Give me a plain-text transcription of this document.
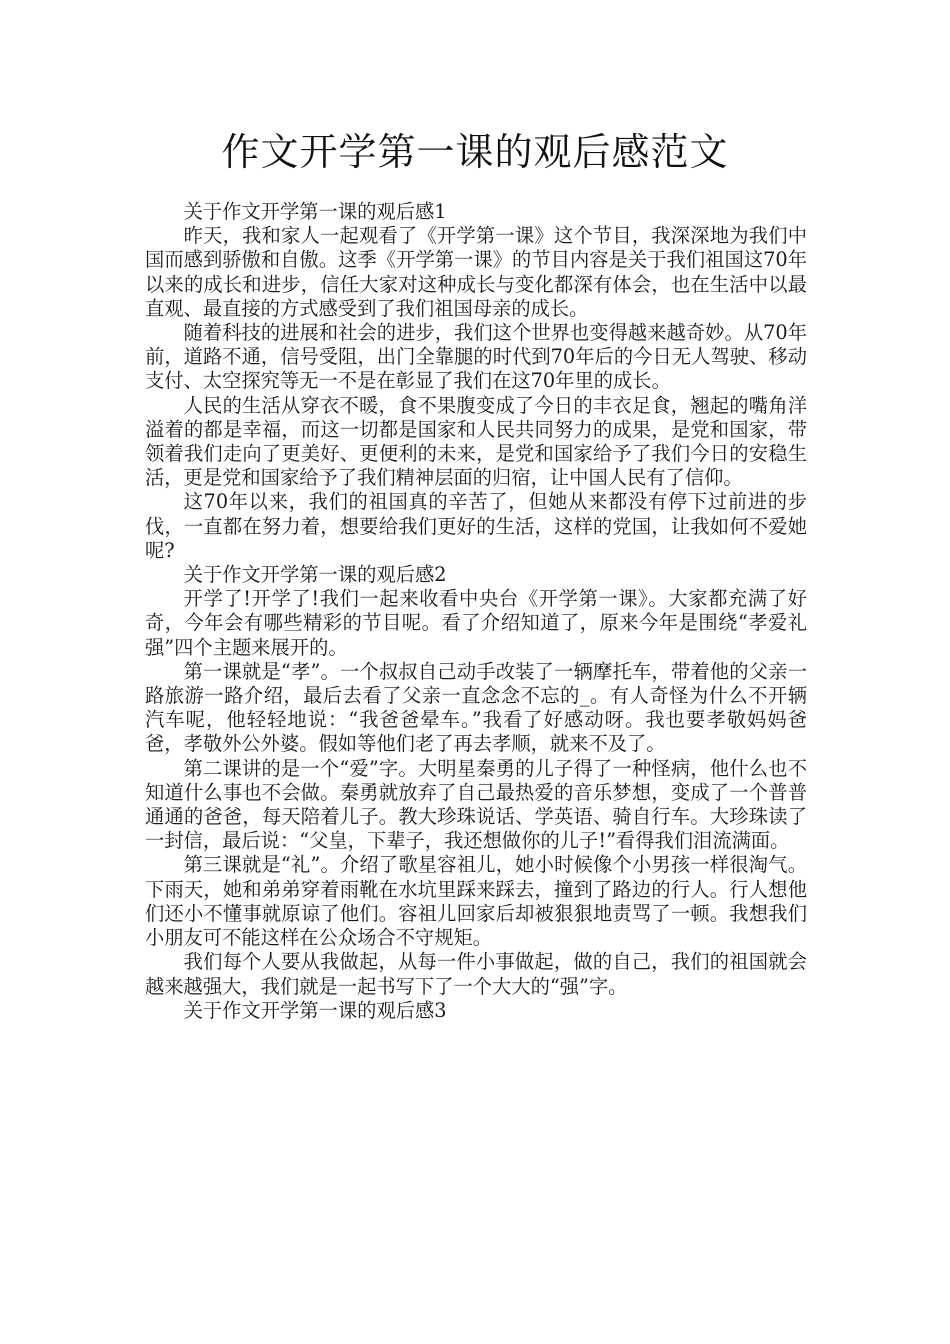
作文开学第一课的观后感范文

关于作文开学第一课的观后感1

昨天，我和家人一起观看了《开学第一课》这个节目，我深深地为我们中国而感到骄傲和自傲。这季《开学第一课》的节目内容是关于我们祖国这70年以来的成长和进步，信任大家对这种成长与变化都深有体会，也在生活中以最直观、最直接的方式感受到了我们祖国母亲的成长。

随着科技的进展和社会的进步，我们这个世界也变得越来越奇妙。从70年前，道路不通，信号受阻，出门全靠腿的时代到70年后的今日无人驾驶、移动支付、太空探究等无一不是在彰显了我们在这70年里的成长。

人民的生活从穿衣不暖，食不果腹变成了今日的丰衣足食，翘起的嘴角洋溢着的都是幸福，而这一切都是国家和人民共同努力的成果，是党和国家，带领着我们走向了更美好、更便利的未来，是党和国家给予了我们今日的安稳生活，更是党和国家给予了我们精神层面的归宿，让中国人民有了信仰。

这70年以来，我们的祖国真的辛苦了，但她从来都没有停下过前进的步伐，一直都在努力着，想要给我们更好的生活，这样的党国，让我如何不爱她呢?

关于作文开学第一课的观后感2

开学了!开学了!我们一起来收看中央台《开学第一课》。大家都充满了好奇，今年会有哪些精彩的节目呢。看了介绍知道了，原来今年是围绕“孝爱礼强”四个主题来展开的。

第一课就是“孝”。一个叔叔自己动手改装了一辆摩托车，带着他的父亲一路旅游一路介绍，最后去看了父亲一直念念不忘的_。有人奇怪为什么不开辆汽车呢，他轻轻地说：“我爸爸晕车。”我看了好感动呀。我也要孝敬妈妈爸爸，孝敬外公外婆。假如等他们老了再去孝顺，就来不及了。

第二课讲的是一个“爱”字。大明星秦勇的儿子得了一种怪病，他什么也不知道什么事也不会做。秦勇就放弃了自己最热爱的音乐梦想，变成了一个普普通通的爸爸，每天陪着儿子。教大珍珠说话、学英语、骑自行车。大珍珠读了一封信，最后说：“父皇，下辈子，我还想做你的儿子!”看得我们泪流满面。

第三课就是“礼”。介绍了歌星容祖儿，她小时候像个小男孩一样很淘气。下雨天，她和弟弟穿着雨靴在水坑里踩来踩去，撞到了路边的行人。行人想他们还小不懂事就原谅了他们。容祖儿回家后却被狠狠地责骂了一顿。我想我们小朋友可不能这样在公众场合不守规矩。

我们每个人要从我做起，从每一件小事做起，做的自己，我们的祖国就会越来越强大，我们就是一起书写下了一个大大的“强”字。

关于作文开学第一课的观后感3
